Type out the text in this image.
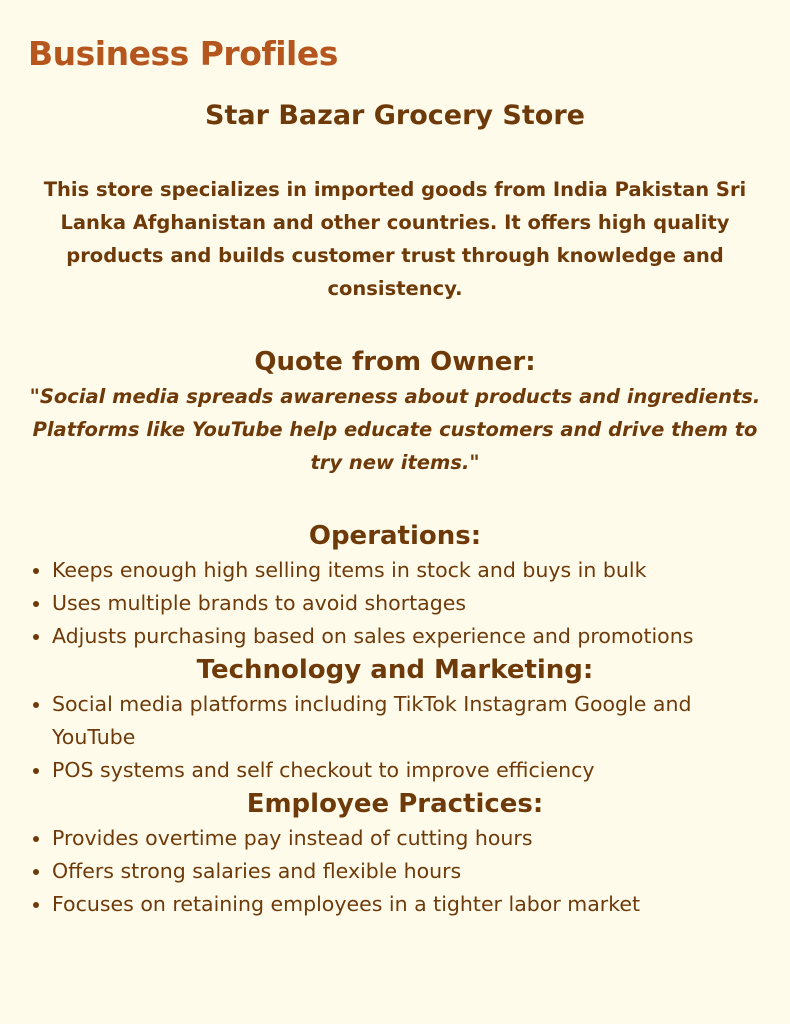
Business Profiles
Star Bazar Grocery Store

This store specializes in imported goods from India Pakistan Sri Lanka Afghanistan and other countries. It offers high quality products and builds customer trust through knowledge and consistency.

Quote from Owner:

"Social media spreads awareness about products and ingredients. Platforms like YouTube help educate customers and drive them to try new items."

Operations:
• Keeps enough high selling items in stock and buys in bulk
• Uses multiple brands to avoid shortages
• Adjusts purchasing based on sales experience and promotions
Technology and Marketing:
• Social media platforms including TikTok Instagram Google and YouTube
• POS systems and self checkout to improve efficiency
Employee Practices:
• Provides overtime pay instead of cutting hours
• Offers strong salaries and flexible hours
• Focuses on retaining employees in a tighter labor market
